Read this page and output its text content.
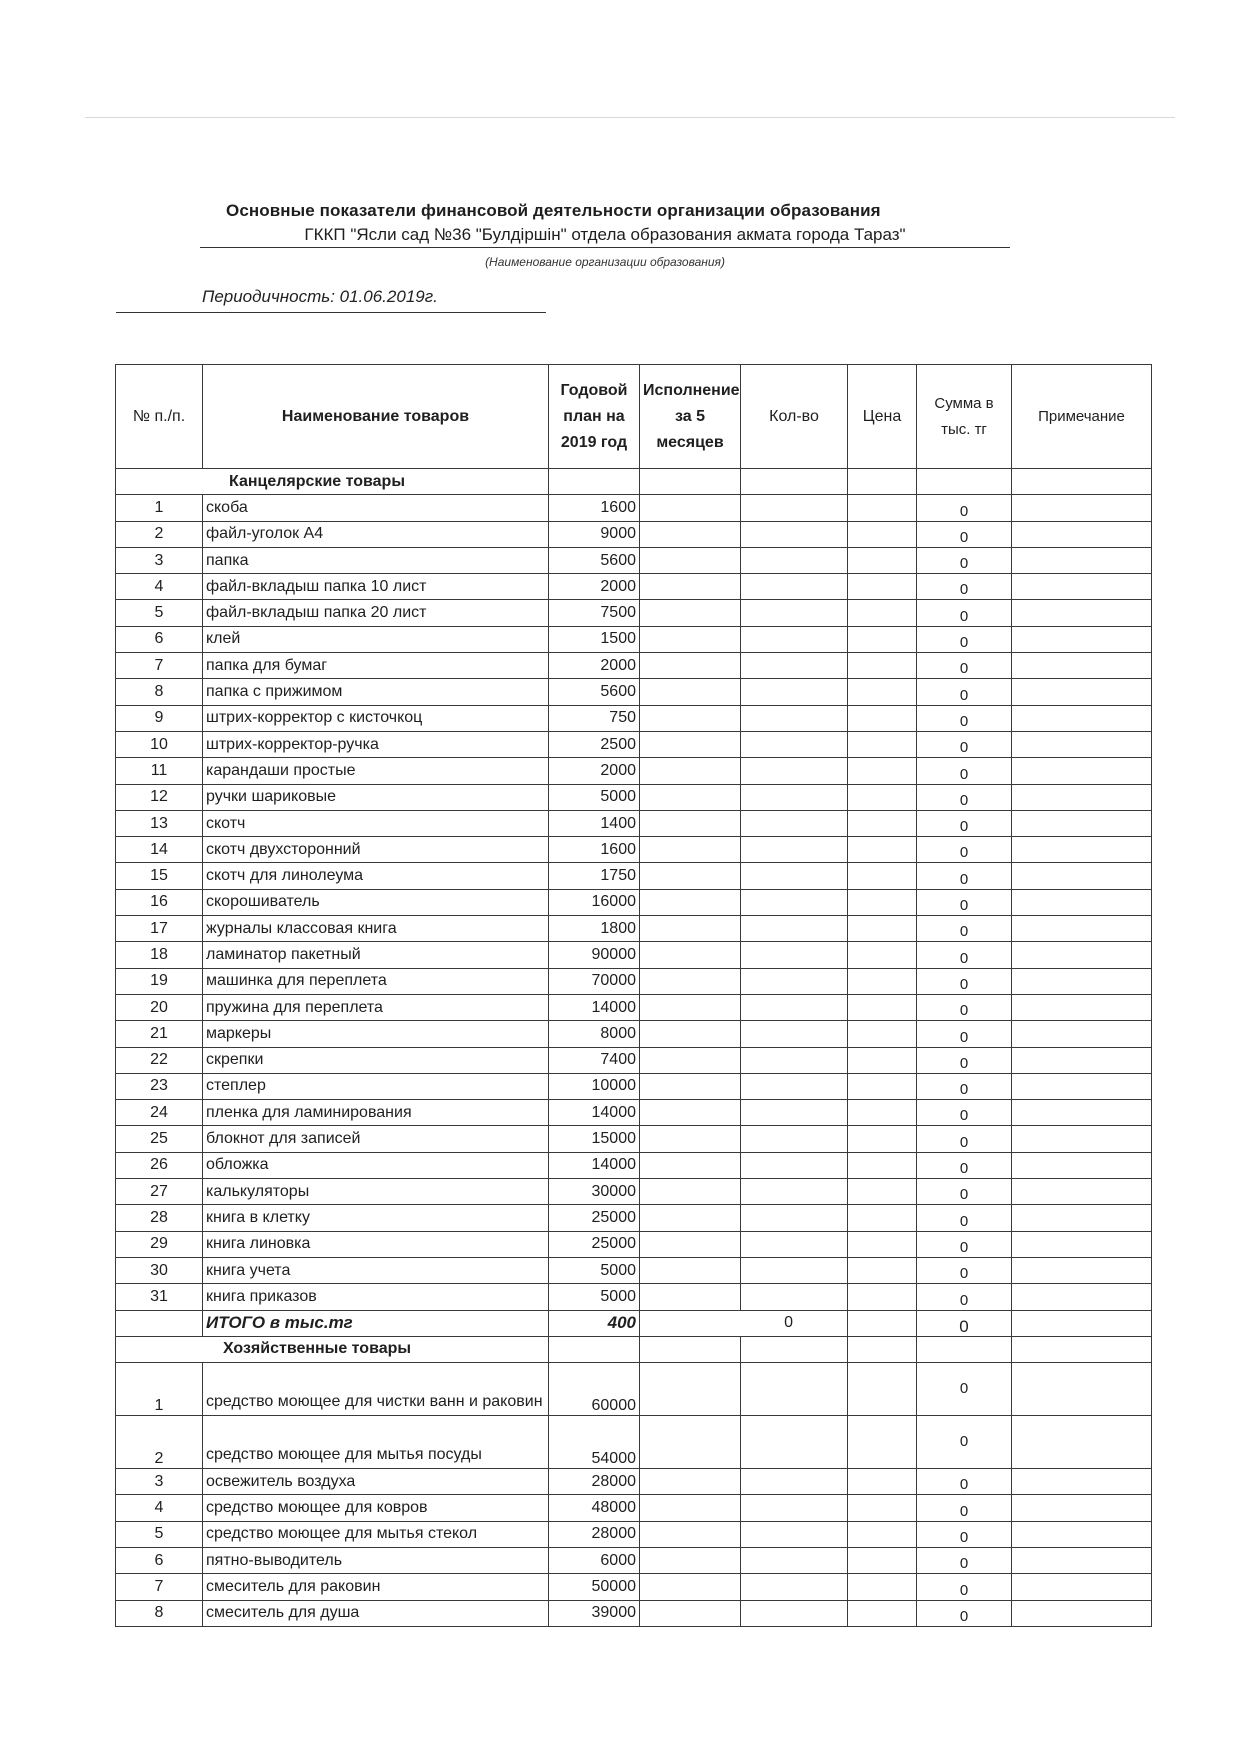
Основные показатели финансовой деятельности организации образования
ГККП "Ясли сад №36 "Булдіршін" отдела образования акмата города Тараз"
(Наименование организации образования)
Периодичность: 01.06.2019г.
№ п./п.	Наименование товаров	Годовой план на 2019 год	Исполнение за 5 месяцев	Кол-во	Цена	Сумма в тыс. тг	Примечание
Канцелярские товары							
1	скоба	1600				0	
2	файл-уголок А4	9000				0	
3	папка	5600				0	
4	файл-вкладыш папка 10 лист	2000				0	
5	файл-вкладыш папка 20 лист	7500				0	
6	клей	1500				0	
7	папка для бумаг	2000				0	
8	папка с прижимом	5600				0	
9	штрих-корректор с кисточкоц	750				0	
10	штрих-корректор-ручка	2500				0	
11	карандаши простые	2000				0	
12	ручки шариковые	5000				0	
13	скотч	1400				0	
14	скотч двухсторонний	1600				0	
15	скотч для линолеума	1750				0	
16	скорошиватель	16000				0	
17	журналы классовая книга	1800				0	
18	ламинатор пакетный	90000				0	
19	машинка для переплета	70000				0	
20	пружина для переплета	14000				0	
21	маркеры	8000				0	
22	скрепки	7400				0	
23	степлер	10000				0	
24	пленка для ламинирования	14000				0	
25	блокнот для записей	15000				0	
26	обложка	14000				0	
27	калькуляторы	30000				0	
28	книга в клетку	25000				0	
29	книга линовка	25000				0	
30	книга учета	5000				0	
31	книга приказов	5000				0	
	ИТОГО в тыс.тг	400	0			0	
Хозяйственные товары							
1	средство моющее для чистки ванн и раковин	60000				0	
2	средство моющее для мытья посуды	54000				0	
3	освежитель воздуха	28000				0	
4	средство моющее для ковров	48000				0	
5	средство моющее для мытья стекол	28000				0	
6	пятно-выводитель	6000				0	
7	смеситель для раковин	50000				0	
8	смеситель для душа	39000				0	
